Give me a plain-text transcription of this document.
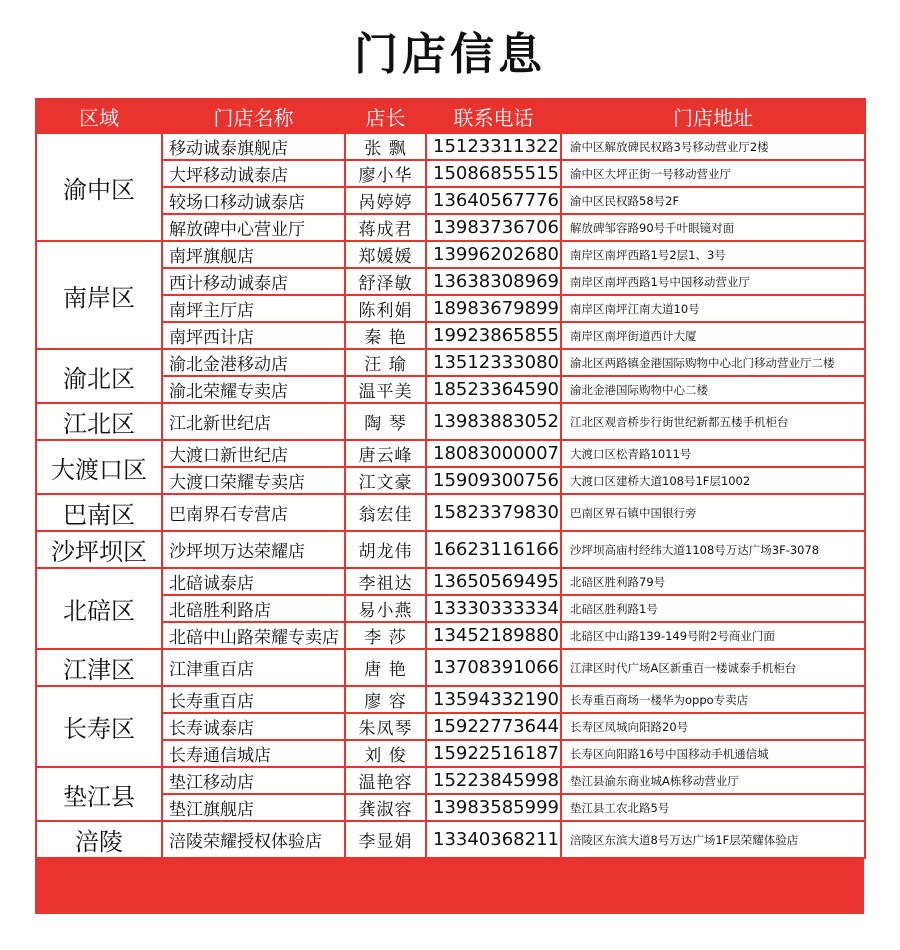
门店信息
区域	门店名称	店长	联系电话	门店地址
渝中区	移动诚泰旗舰店	张 飘	15123311322	渝中区解放碑民权路3号移动营业厅2楼
	大坪移动诚泰店	廖小华	15086855515	渝中区大坪正街一号移动营业厅
	较场口移动诚泰店	呙婷婷	13640567776	渝中区民权路58号2F
	解放碑中心营业厅	蒋成君	13983736706	解放碑邹容路90号千叶眼镜对面
南岸区	南坪旗舰店	郑媛媛	13996202680	南岸区南坪西路1号2层1、3号
	西计移动诚泰店	舒泽敏	13638308969	南岸区南坪西路1号中国移动营业厅
	南坪主厅店	陈利娟	18983679899	南岸区南坪江南大道10号
	南坪西计店	秦 艳	19923865855	南岸区南坪街道西计大厦
渝北区	渝北金港移动店	汪 瑜	13512333080	渝北区两路镇金港国际购物中心北门移动营业厅二楼
	渝北荣耀专卖店	温平美	18523364590	渝北金港国际购物中心二楼
江北区	江北新世纪店	陶 琴	13983883052	江北区观音桥步行街世纪新都五楼手机柜台
大渡口区	大渡口新世纪店	唐云峰	18083000007	大渡口区松青路1011号
	大渡口荣耀专卖店	江文豪	15909300756	大渡口区建桥大道108号1F层1002
巴南区	巴南界石专营店	翁宏佳	15823379830	巴南区界石镇中国银行旁
沙坪坝区	沙坪坝万达荣耀店	胡龙伟	16623116166	沙坪坝高庙村经纬大道1108号万达广场3F-3078
北碚区	北碚诚泰店	李祖达	13650569495	北碚区胜利路79号
	北碚胜利路店	易小燕	13330333334	北碚区胜利路1号
	北碚中山路荣耀专卖店	李 莎	13452189880	北碚区中山路139-149号附2号商业门面
江津区	江津重百店	唐 艳	13708391066	江津区时代广场A区新重百一楼诚泰手机柜台
长寿区	长寿重百店	廖 容	13594332190	长寿重百商场一楼华为oppo专卖店
	长寿诚泰店	朱凤琴	15922773644	长寿区凤城向阳路20号
	长寿通信城店	刘 俊	15922516187	长寿区向阳路16号中国移动手机通信城
垫江县	垫江移动店	温艳容	15223845998	垫江县渝东商业城A栋移动营业厅
	垫江旗舰店	龚淑容	13983585999	垫江县工农北路5号
涪陵	涪陵荣耀授权体验店	李显娟	13340368211	涪陵区东滨大道8号万达广场1F层荣耀体验店
